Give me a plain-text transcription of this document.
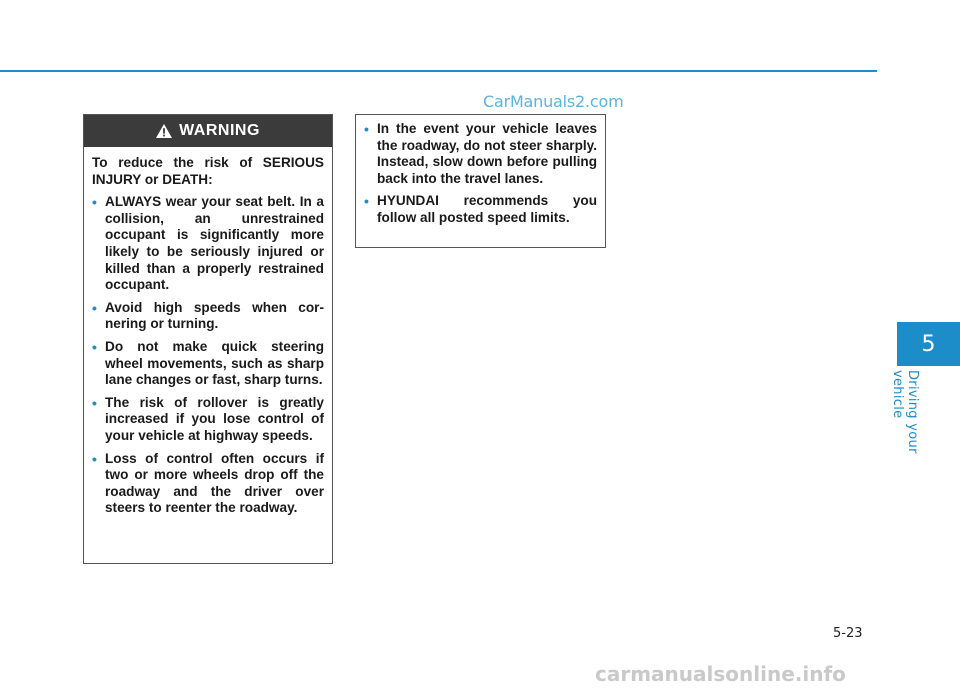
CarManuals2.com
WARNING

To reduce the risk of SERIOUS INJURY or DEATH:

• ALWAYS wear your seat belt. In a collision, an unrestrained occupant is significantly more likely to be seriously injured or killed than a properly restrained occupant.
• Avoid high speeds when cor-nering or turning.
• Do not make quick steering wheel movements, such as sharp lane changes or fast, sharp turns.
• The risk of rollover is greatly increased if you lose control of your vehicle at highway speeds.
• Loss of control often occurs if two or more wheels drop off the roadway and the driver over steers to reenter the roadway.
• In the event your vehicle leaves the roadway, do not steer sharply. Instead, slow down before pulling back into the travel lanes.
• HYUNDAI recommends you follow all posted speed limits.
5
Driving your vehicle
5-23
carmanualsonline.info
